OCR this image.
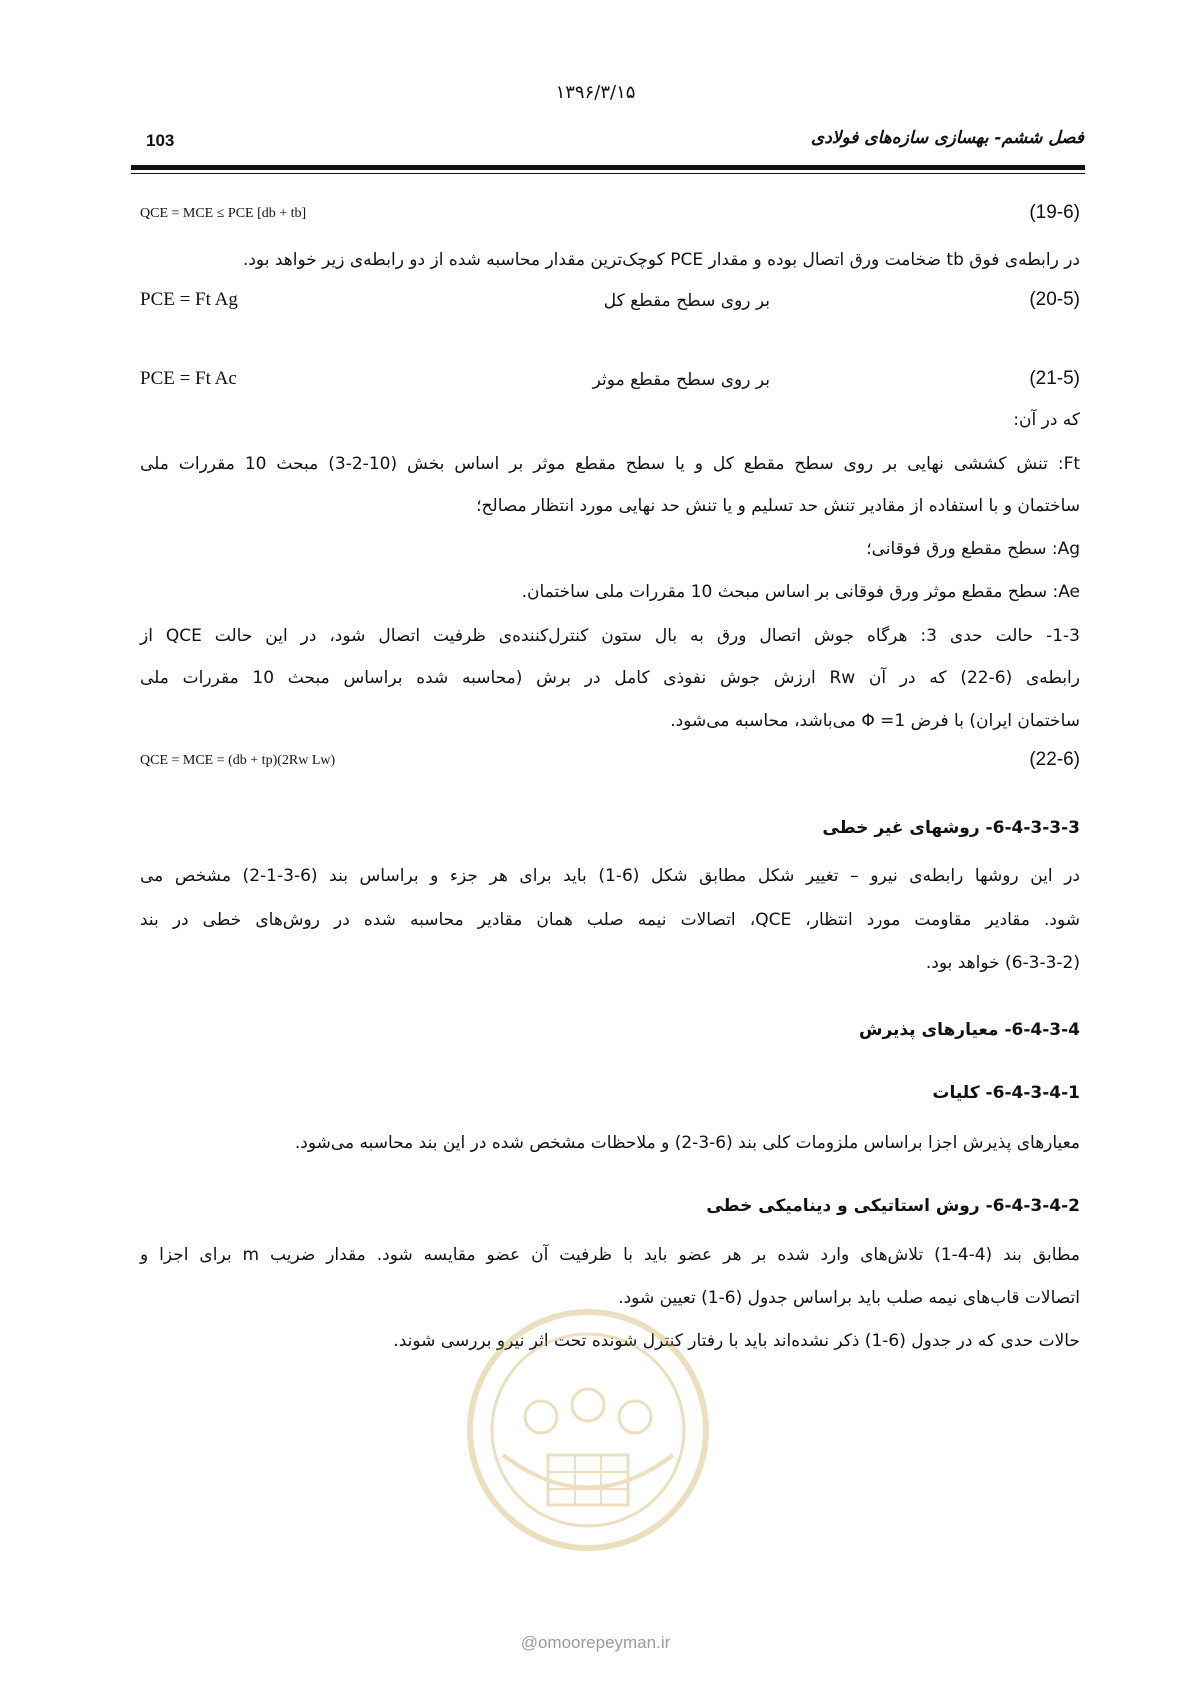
۱۳۹۶/۳/۱۵
103	فصل ششم- بهسازی سازه‌های فولادی
QCE = MCE ≤ PCE [db + tb]	(19-6)
در رابطه‌ی فوق tb ضخامت ورق اتصال بوده و مقدار PCE کوچک‌ترین مقدار محاسبه شده از دو رابطه‌ی زیر خواهد بود.
PCE = Ft Ag	بر روی سطح مقطع کل	(20-5)
PCE = Ft Ac	بر روی سطح مقطع موثر	(21-5)
که در آن:
Ft: تنش کششی نهایی بر روی سطح مقطع کل و یا سطح مقطع موثر بر اساس بخش (10-2-3) مبحث 10 مقررات ملی
ساختمان و با استفاده از مقادیر تنش حد تسلیم و یا تنش حد نهایی مورد انتظار مصالح؛
Ag: سطح مقطع ورق فوقانی؛
Ae: سطح مقطع موثر ورق فوقانی بر اساس مبحث 10 مقررات ملی ساختمان.
1-3- حالت حدی 3: هرگاه جوش اتصال ورق به بال ستون کنترل‌کننده‌ی ظرفیت اتصال شود، در این حالت QCE از
رابطه‌ی (6-22) که در آن Rw ارزش جوش نفوذی کامل در برش (محاسبه شده براساس مبحث 10 مقررات ملی
ساختمان ایران) با فرض Φ =1 می‌باشد، محاسبه می‌شود.
QCE = MCE = (db + tp)(2Rw Lw)	(22-6)
6-4-3-3-3- روشهای غیر خطی
در این روشها رابطه‌ی نیرو – تغییر شکل مطابق شکل (6-1) باید برای هر جزء و براساس بند (6-3-1-2) مشخص می
شود. مقادیر مقاومت مورد انتظار، QCE، اتصالات نیمه صلب همان مقادیر محاسبه شده در روش‌های خطی در بند
(6-3-3-2) خواهد بود.
6-4-3-4- معیارهای پذیرش
6-4-3-4-1- کلیات
معیارهای پذیرش اجزا براساس ملزومات کلی بند (6-3-2) و ملاحظات مشخص شده در این بند محاسبه می‌شود.
6-4-3-4-2- روش استاتیکی و دینامیکی خطی
مطابق بند (4-4-1) تلاش‌های وارد شده بر هر عضو باید با ظرفیت آن عضو مقایسه شود. مقدار ضریب m برای اجزا و
اتصالات قاب‌های نیمه صلب باید براساس جدول (6-1) تعیین شود.
حالات حدی که در جدول (6-1) ذکر نشده‌اند باید با رفتار کنترل شونده تحت اثر نیرو بررسی شوند.
@omoorepeyman.ir
